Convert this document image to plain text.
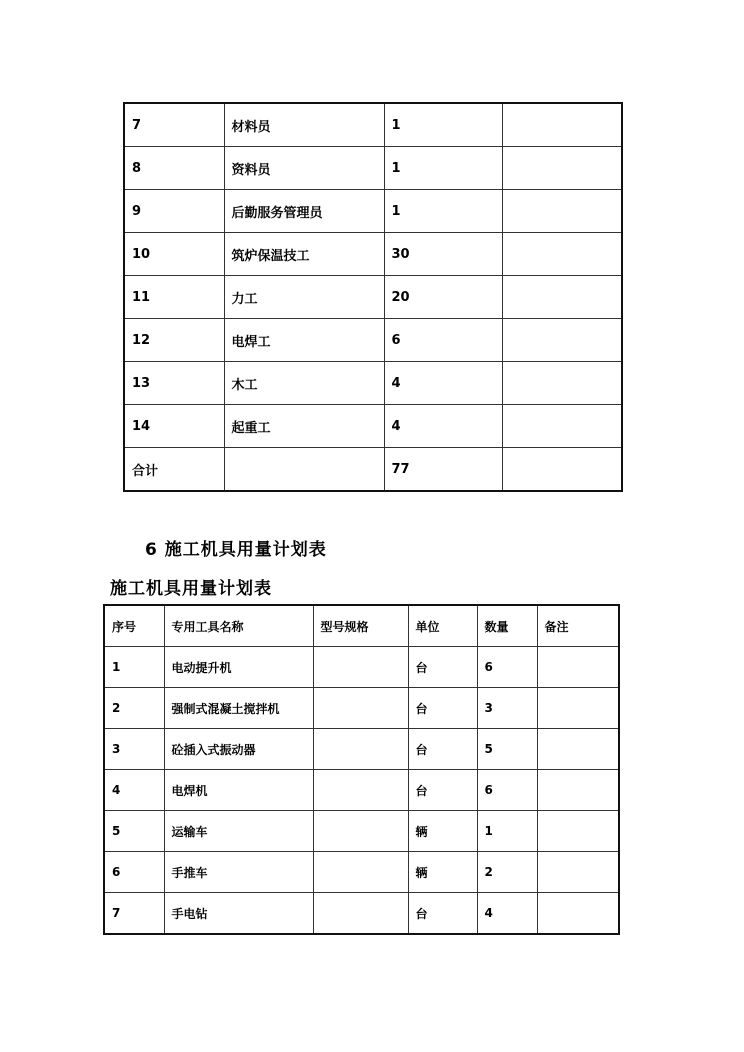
7	材料员	1	
8	资料员	1	
9	后勤服务管理员	1	
10	筑炉保温技工	30	
11	力工	20	
12	电焊工	6	
13	木工	4	
14	起重工	4	
合计		77	
6 施工机具用量计划表
施工机具用量计划表
序号	专用工具名称	型号规格	单位	数量	备注
1	电动提升机		台	6	
2	强制式混凝土搅拌机		台	3	
3	砼插入式振动器		台	5	
4	电焊机		台	6	
5	运输车		辆	1	
6	手推车		辆	2	
7	手电钻		台	4	
